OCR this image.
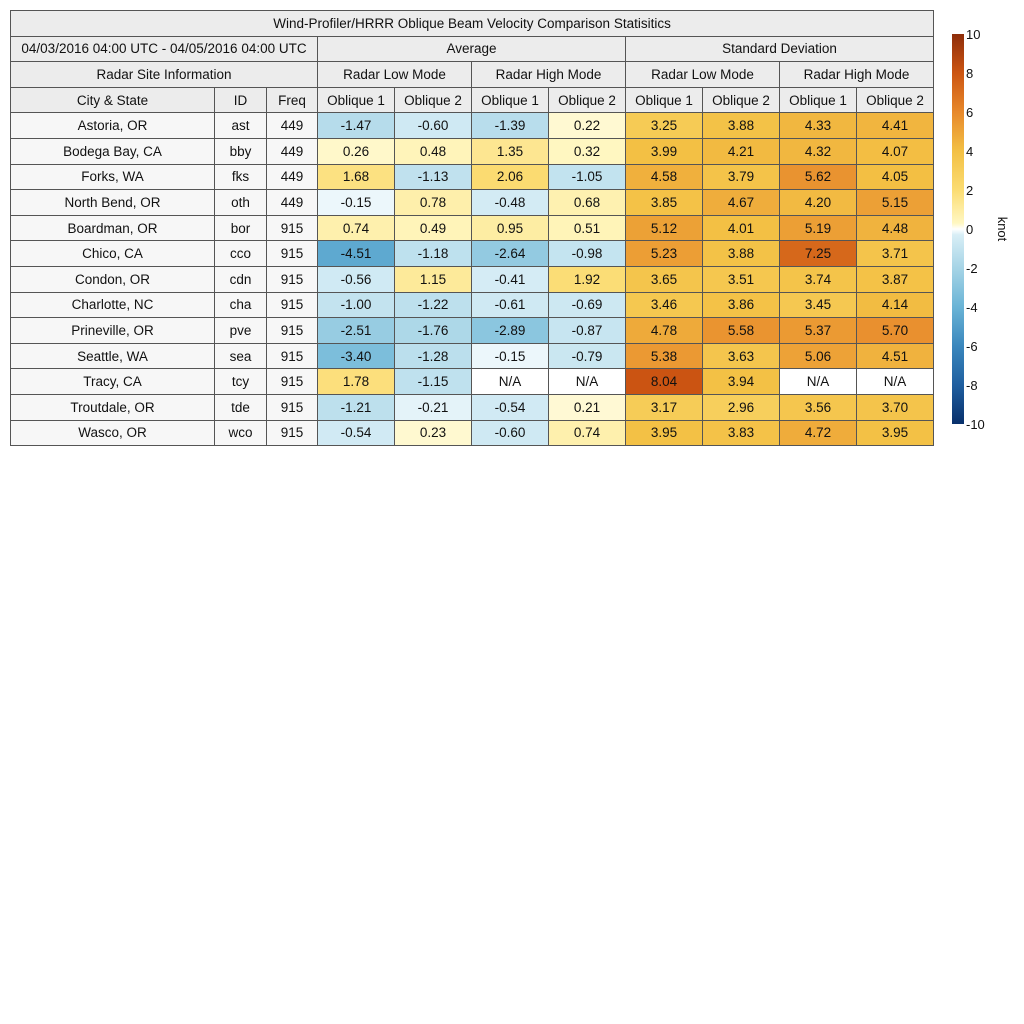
Wind-Profiler/HRRR Oblique Beam Velocity Comparison Statisitics										
04/03/2016 04:00 UTC - 04/05/2016 04:00 UTC			Average				Standard Deviation			
Radar Site Information			Radar Low Mode		Radar High Mode		Radar Low Mode		Radar High Mode	
City & State	ID	Freq	Oblique 1	Oblique 2	Oblique 1	Oblique 2	Oblique 1	Oblique 2	Oblique 1	Oblique 2
Astoria, OR	ast	449	-1.47	-0.60	-1.39	0.22	3.25	3.88	4.33	4.41
Bodega Bay, CA	bby	449	0.26	0.48	1.35	0.32	3.99	4.21	4.32	4.07
Forks, WA	fks	449	1.68	-1.13	2.06	-1.05	4.58	3.79	5.62	4.05
North Bend, OR	oth	449	-0.15	0.78	-0.48	0.68	3.85	4.67	4.20	5.15
Boardman, OR	bor	915	0.74	0.49	0.95	0.51	5.12	4.01	5.19	4.48
Chico, CA	cco	915	-4.51	-1.18	-2.64	-0.98	5.23	3.88	7.25	3.71
Condon, OR	cdn	915	-0.56	1.15	-0.41	1.92	3.65	3.51	3.74	3.87
Charlotte, NC	cha	915	-1.00	-1.22	-0.61	-0.69	3.46	3.86	3.45	4.14
Prineville, OR	pve	915	-2.51	-1.76	-2.89	-0.87	4.78	5.58	5.37	5.70
Seattle, WA	sea	915	-3.40	-1.28	-0.15	-0.79	5.38	3.63	5.06	4.51
Tracy, CA	tcy	915	1.78	-1.15	N/A	N/A	8.04	3.94	N/A	N/A
Troutdale, OR	tde	915	-1.21	-0.21	-0.54	0.21	3.17	2.96	3.56	3.70
Wasco, OR	wco	915	-0.54	0.23	-0.60	0.74	3.95	3.83	4.72	3.95
10
8
6
4
2
0
-2
-4
-6
-8
-10
knot
